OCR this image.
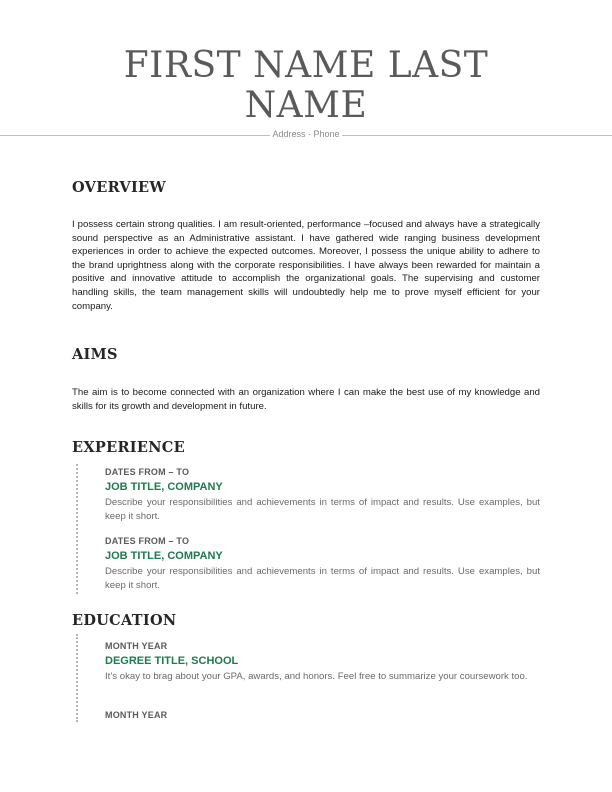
FIRST NAME LAST
NAME
Address · Phone
OVERVIEW
I possess certain strong qualities. I am result-oriented, performance –focused and always have a strategically sound perspective as an Administrative assistant. I have gathered wide ranging business development experiences in order to achieve the expected outcomes. Moreover, I possess the unique ability to adhere to the brand uprightness along with the corporate responsibilities. I have always been rewarded for maintain a positive and innovative attitude to accomplish the organizational goals. The supervising and customer handling skills, the team management skills will undoubtedly help me to prove myself efficient for your company.
AIMS
The aim is to become connected with an organization where I can make the best use of my knowledge and skills for its growth and development in future.
EXPERIENCE
DATES FROM – TO
JOB TITLE, COMPANY
Describe your responsibilities and achievements in terms of impact and results. Use examples, but keep it short.
DATES FROM – TO
JOB TITLE, COMPANY
Describe your responsibilities and achievements in terms of impact and results. Use examples, but keep it short.
EDUCATION
MONTH YEAR
DEGREE TITLE, SCHOOL
It’s okay to brag about your GPA, awards, and honors. Feel free to summarize your coursework too.
MONTH YEAR
